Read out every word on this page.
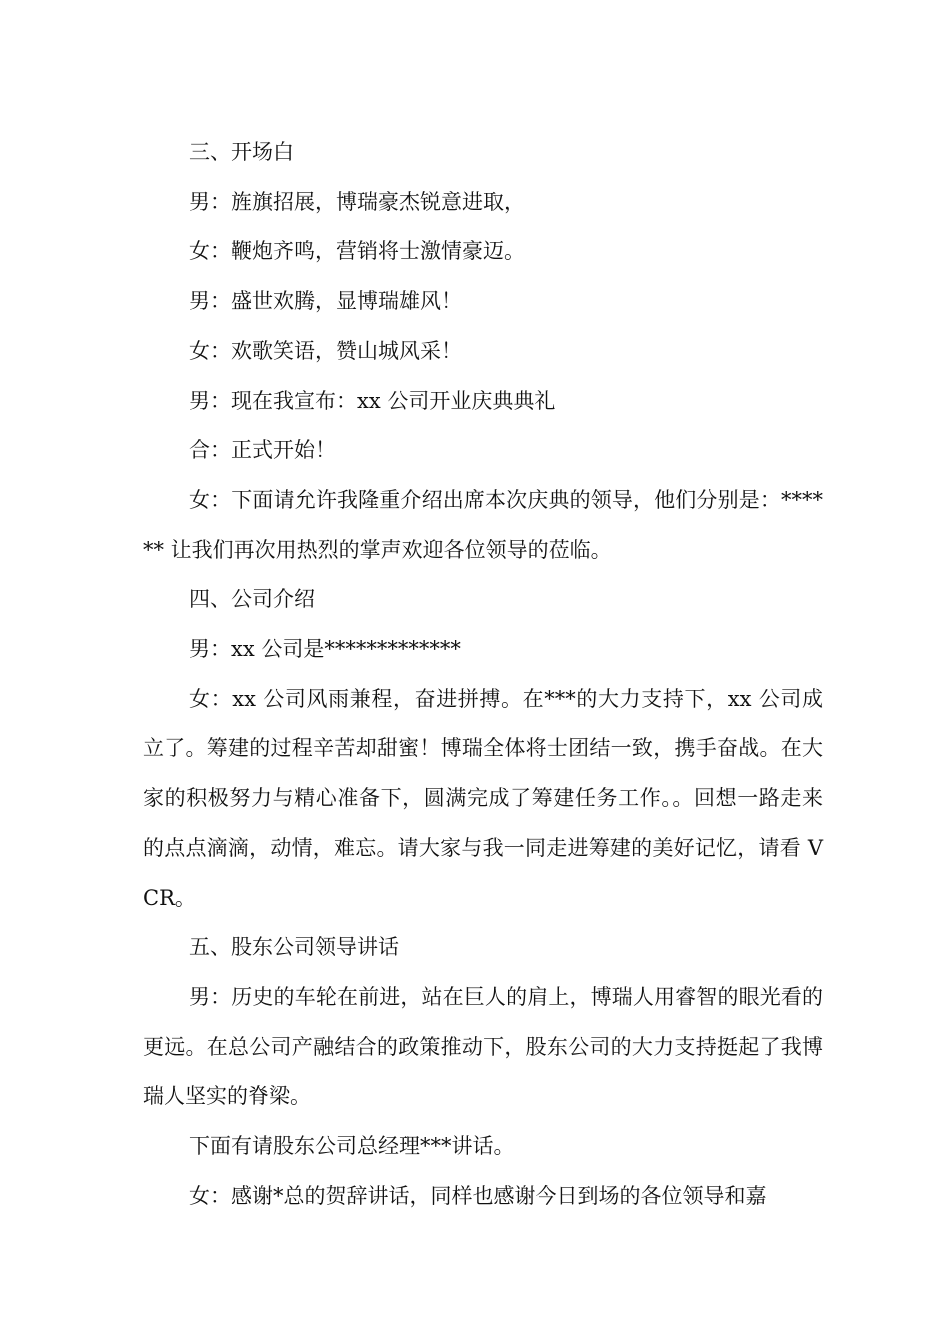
三、开场白

男：旌旗招展，博瑞豪杰锐意进取，

女：鞭炮齐鸣，营销将士激情豪迈。

男：盛世欢腾，显博瑞雄风！

女：欢歌笑语，赞山城风采！

男：现在我宣布：xx 公司开业庆典典礼

合：正式开始！

女：下面请允许我隆重介绍出席本次庆典的领导，他们分别是：****** 让我们再次用热烈的掌声欢迎各位领导的莅临。

四、公司介绍

男：xx 公司是*************

女：xx 公司风雨兼程，奋进拼搏。在***的大力支持下，xx 公司成立了。筹建的过程辛苦却甜蜜！博瑞全体将士团结一致，携手奋战。在大家的积极努力与精心准备下，圆满完成了筹建任务工作。。回想一路走来的点点滴滴，动情，难忘。请大家与我一同走进筹建的美好记忆，请看 VCR。

五、股东公司领导讲话

男：历史的车轮在前进，站在巨人的肩上，博瑞人用睿智的眼光看的更远。在总公司产融结合的政策推动下，股东公司的大力支持挺起了我博瑞人坚实的脊梁。

下面有请股东公司总经理***讲话。

女：感谢*总的贺辞讲话，同样也感谢今日到场的各位领导和嘉
